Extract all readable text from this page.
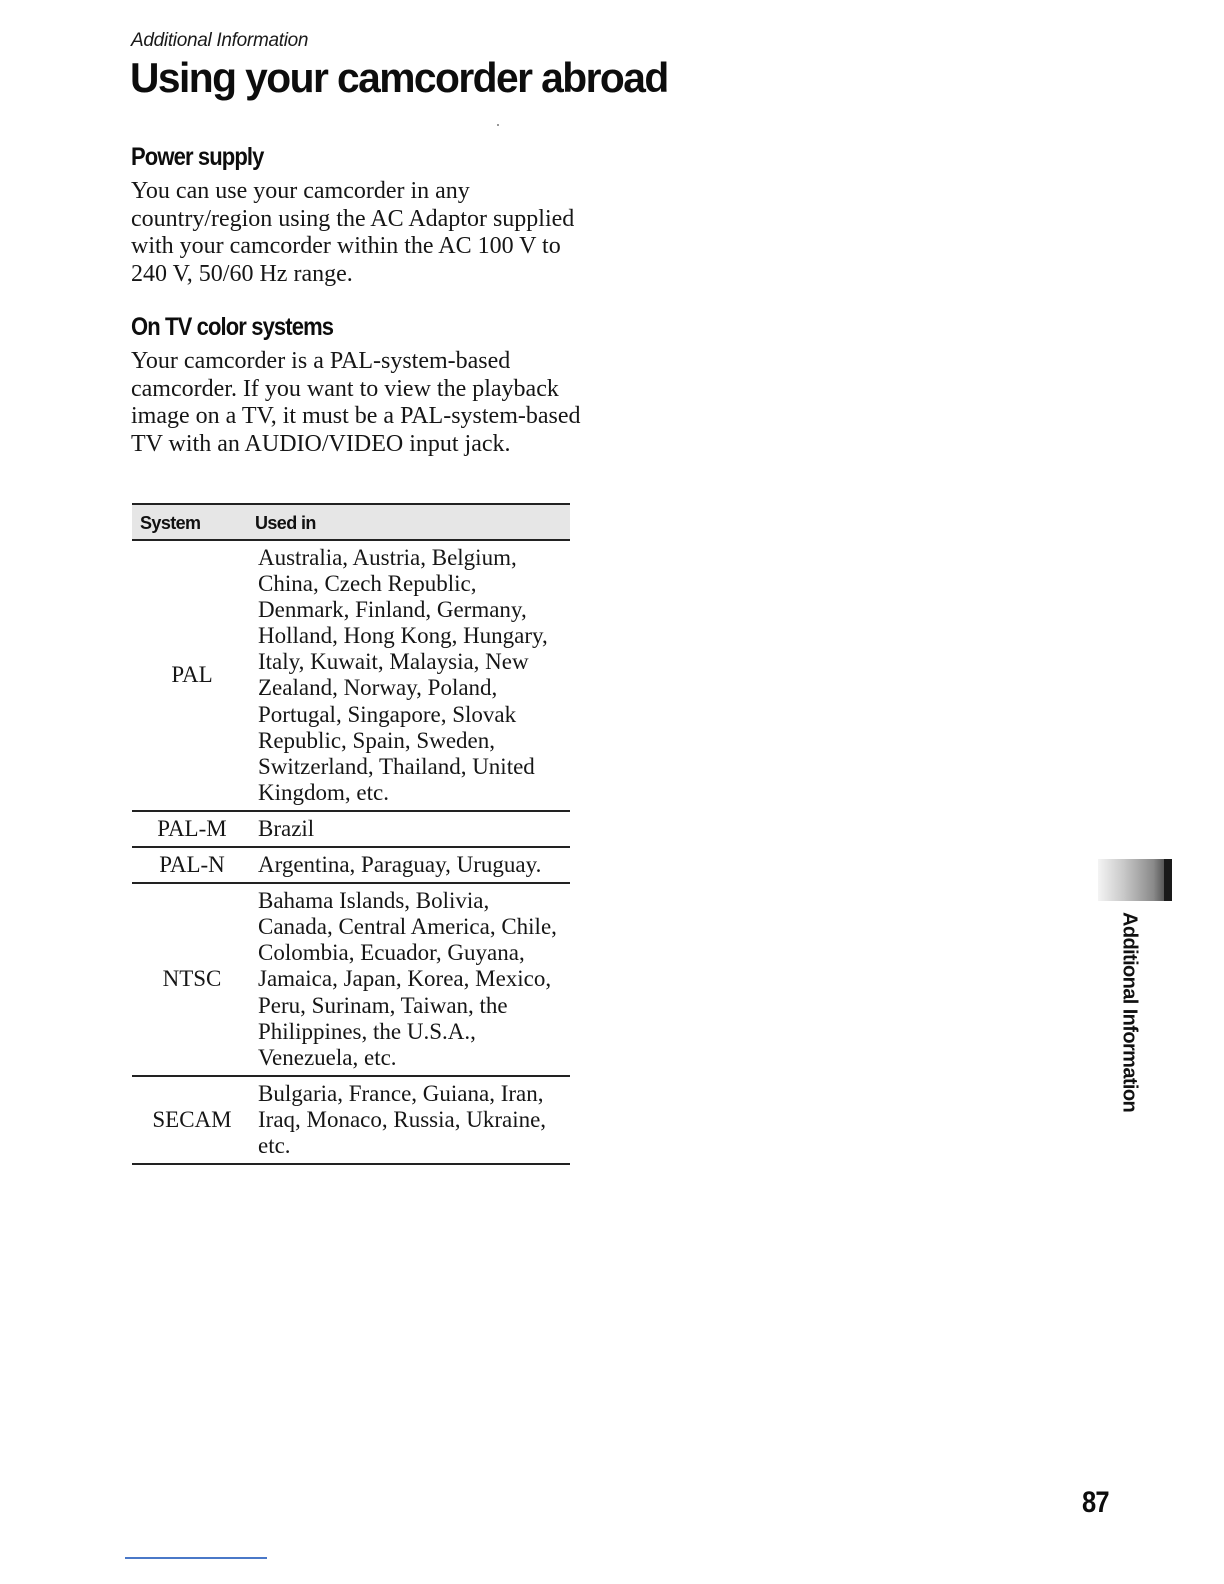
Additional Information
Using your camcorder abroad
Power supply

You can use your camcorder in any country/region using the AC Adaptor supplied with your camcorder within the AC 100 V to 240 V, 50/60 Hz range.

On TV color systems

Your camcorder is a PAL-system-based camcorder. If you want to view the playback image on a TV, it must be a PAL-system-based TV with an AUDIO/VIDEO input jack.

System	Used in
PAL	Australia, Austria, Belgium, China, Czech Republic, Denmark, Finland, Germany, Holland, Hong Kong, Hungary, Italy, Kuwait, Malaysia, New Zealand, Norway, Poland, Portugal, Singapore, Slovak Republic, Spain, Sweden, Switzerland, Thailand, United Kingdom, etc.
PAL-M	Brazil
PAL-N	Argentina, Paraguay, Uruguay.
NTSC	Bahama Islands, Bolivia, Canada, Central America, Chile, Colombia, Ecuador, Guyana, Jamaica, Japan, Korea, Mexico, Peru, Surinam, Taiwan, the Philippines, the U.S.A., Venezuela, etc.
SECAM	Bulgaria, France, Guiana, Iran, Iraq, Monaco, Russia, Ukraine, etc.
Additional Information
87
